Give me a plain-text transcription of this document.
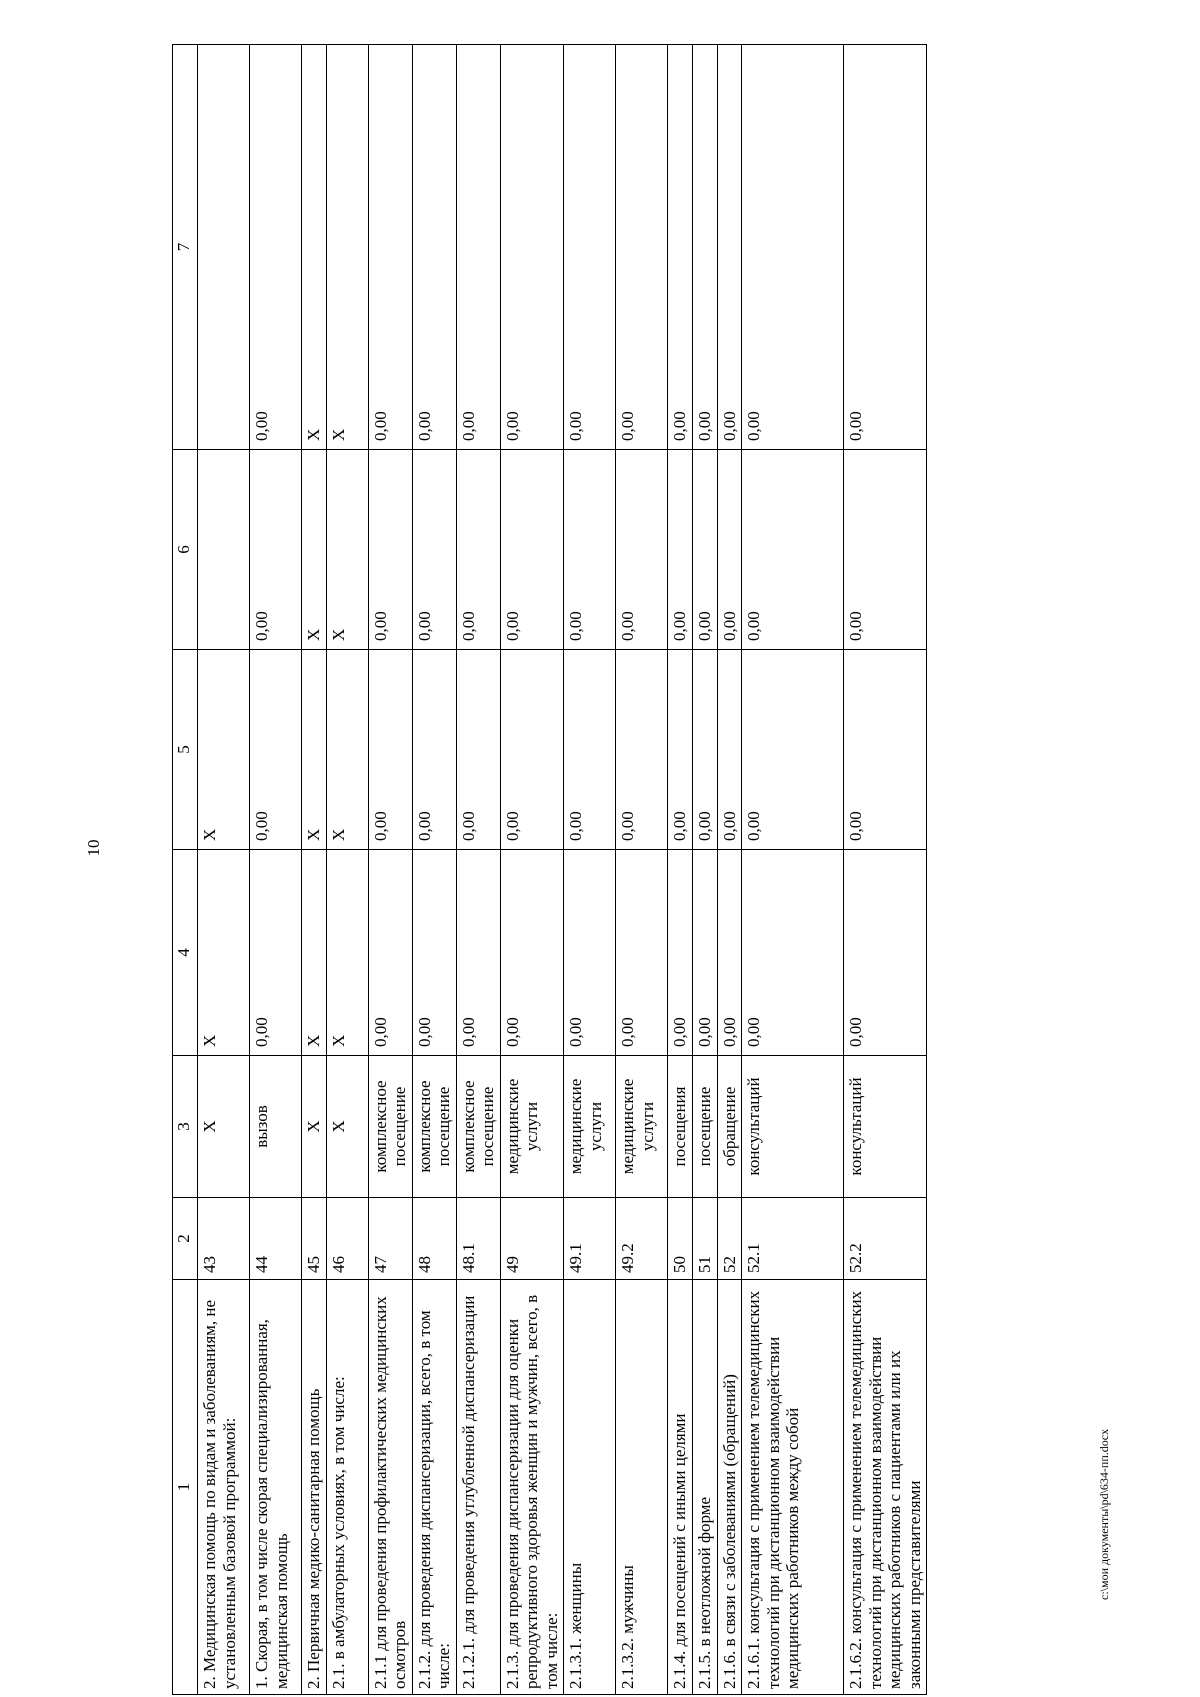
10
1	2	3	4	5	6	7
2. Медицинская помощь по видам и заболеваниям, не установленным базовой программой:	43	X	X	X		
1. Скорая, в том числе скорая специализированная, медицинская помощь	44	вызов	0,00	0,00	0,00	0,00
2. Первичная медико-санитарная помощь	45	X	X	X	X	X
2.1. в амбулаторных условиях, в том числе:	46	X	X	X	X	X
2.1.1 для проведения профилактических медицинских осмотров	47	комплексное посещение	0,00	0,00	0,00	0,00
2.1.2. для проведения диспансеризации, всего, в том числе:	48	комплексное посещение	0,00	0,00	0,00	0,00
2.1.2.1. для проведения углубленной диспансеризации	48.1	комплексное посещение	0,00	0,00	0,00	0,00
2.1.3. для проведения диспансеризации для оценки репродуктивного здоровья женщин и мужчин, всего, в том числе:	49	медицинские услуги	0,00	0,00	0,00	0,00
2.1.3.1. женщины	49.1	медицинские услуги	0,00	0,00	0,00	0,00
2.1.3.2. мужчины	49.2	медицинские услуги	0,00	0,00	0,00	0,00
2.1.4. для посещений с иными целями	50	посещения	0,00	0,00	0,00	0,00
2.1.5. в неотложной форме	51	посещение	0,00	0,00	0,00	0,00
2.1.6. в связи с заболеваниями (обращений)	52	обращение	0,00	0,00	0,00	0,00
2.1.6.1. консультация с применением телемедицинских технологий при дистанционном взаимодействии медицинских работников между собой	52.1	консультаций	0,00	0,00	0,00	0,00
2.1.6.2. консультация с применением телемедицинских технологий при дистанционном взаимодействии медицинских работников с пациентами или их законными представителями	52.2	консультаций	0,00	0,00	0,00	0,00
c:\мои документы\pd\634-пп.docx
